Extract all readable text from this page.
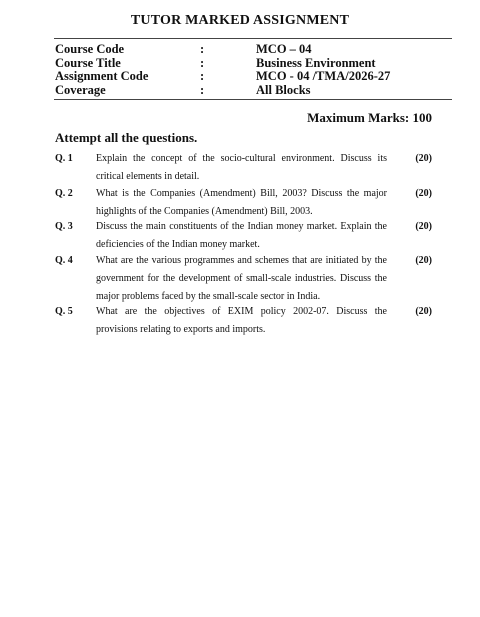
TUTOR MARKED ASSIGNMENT
Course Code	:	MCO – 04
Course Title	:	Business Environment
Assignment Code	:	MCO - 04 /TMA/2026-27
Coverage	:	All Blocks
Maximum Marks: 100
Attempt all the questions.
Q. 1 Explain the concept of the socio-cultural environment. Discuss its critical elements in detail.
(20)
Q. 2 What is the Companies (Amendment) Bill, 2003? Discuss the major highlights of the Companies (Amendment) Bill, 2003.
(20)
Q. 3 Discuss the main constituents of the Indian money market. Explain the deficiencies of the Indian money market.
(20)
Q. 4 What are the various programmes and schemes that are initiated by the government for the development of small-scale industries. Discuss the major problems faced by the small-scale sector in India.
(20)
Q. 5 What are the objectives of EXIM policy 2002-07. Discuss the provisions relating to exports and imports.
(20)
